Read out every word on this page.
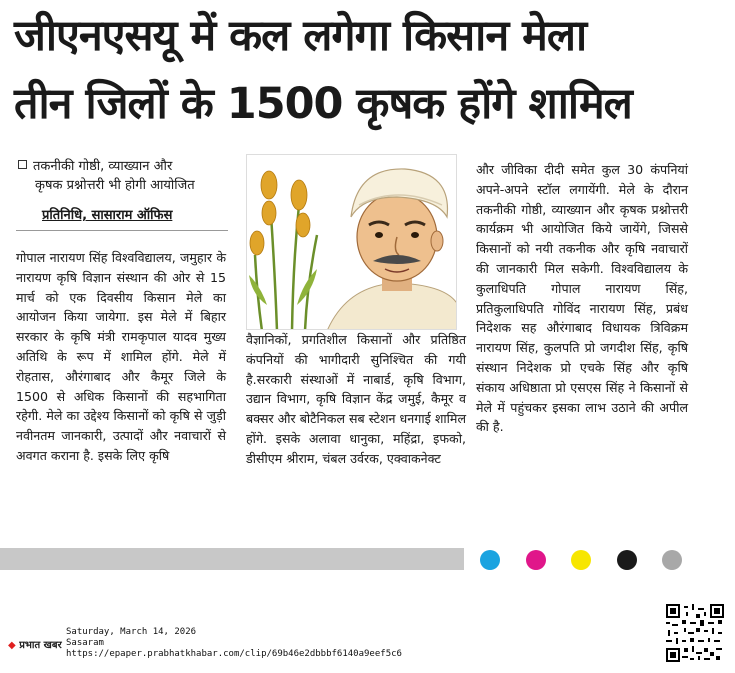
जीएनएसयू में कल लगेगा किसान मेला
तीन जिलों के 1500 कृषक होंगे शामिल
तकनीकी गोष्ठी, व्याख्यान और
कृषक प्रश्नोत्तरी भी होगी आयोजित
प्रतिनिधि, सासाराम ऑफिस

गोपाल नारायण सिंह विश्वविद्यालय, जमुहार के नारायण कृषि विज्ञान संस्थान की ओर से 15 मार्च को एक दिवसीय किसान मेले का आयोजन किया जायेगा. इस मेले में बिहार सरकार के कृषि मंत्री रामकृपाल यादव मुख्य अतिथि के रूप में शामिल होंगे. मेले में रोहतास, औरंगाबाद और कैमूर जिले के 1500 से अधिक किसानों की सहभागिता रहेगी. मेले का उद्देश्य किसानों को कृषि से जुड़ी नवीनतम जानकारी, उत्पादों और नवाचारों से अवगत कराना है. इसके लिए कृषि

वैज्ञानिकों, प्रगतिशील किसानों और प्रतिष्ठित कंपनियों की भागीदारी सुनिश्चित की गयी है.सरकारी संस्थाओं में नाबार्ड, कृषि विभाग, उद्यान विभाग, कृषि विज्ञान केंद्र जमुई, कैमूर व बक्सर और बोटैनिकल सब स्टेशन धनगाई शामिल होंगे. इसके अलावा धानुका, महिंद्रा, इफको, डीसीएम श्रीराम, चंबल उर्वरक, एक्वाकनेक्ट

और जीविका दीदी समेत कुल 30 कंपनियां अपने-अपने स्टॉल लगायेंगी. मेले के दौरान तकनीकी गोष्ठी, व्याख्यान और कृषक प्रश्नोत्तरी कार्यक्रम भी आयोजित किये जायेंगे, जिससे किसानों को नयी तकनीक और कृषि नवाचारों की जानकारी मिल सकेगी. विश्वविद्यालय के कुलाधिपति गोपाल नारायण सिंह, प्रतिकुलाधिपति गोविंद नारायण सिंह, प्रबंध निदेशक सह औरंगाबाद विधायक त्रिविक्रम नारायण सिंह, कुलपति प्रो जगदीश सिंह, कृषि संस्थान निदेशक प्रो एचके सिंह और कृषि संकाय अधिष्ठाता प्रो एसएस सिंह ने किसानों से मेले में पहुंचकर इसका लाभ उठाने की अपील की है.

◆ प्रभात खबर
Saturday, March 14, 2026
Sasaram
https://epaper.prabhatkhabar.com/clip/69b46e2dbbbf6140a9eef5c6
